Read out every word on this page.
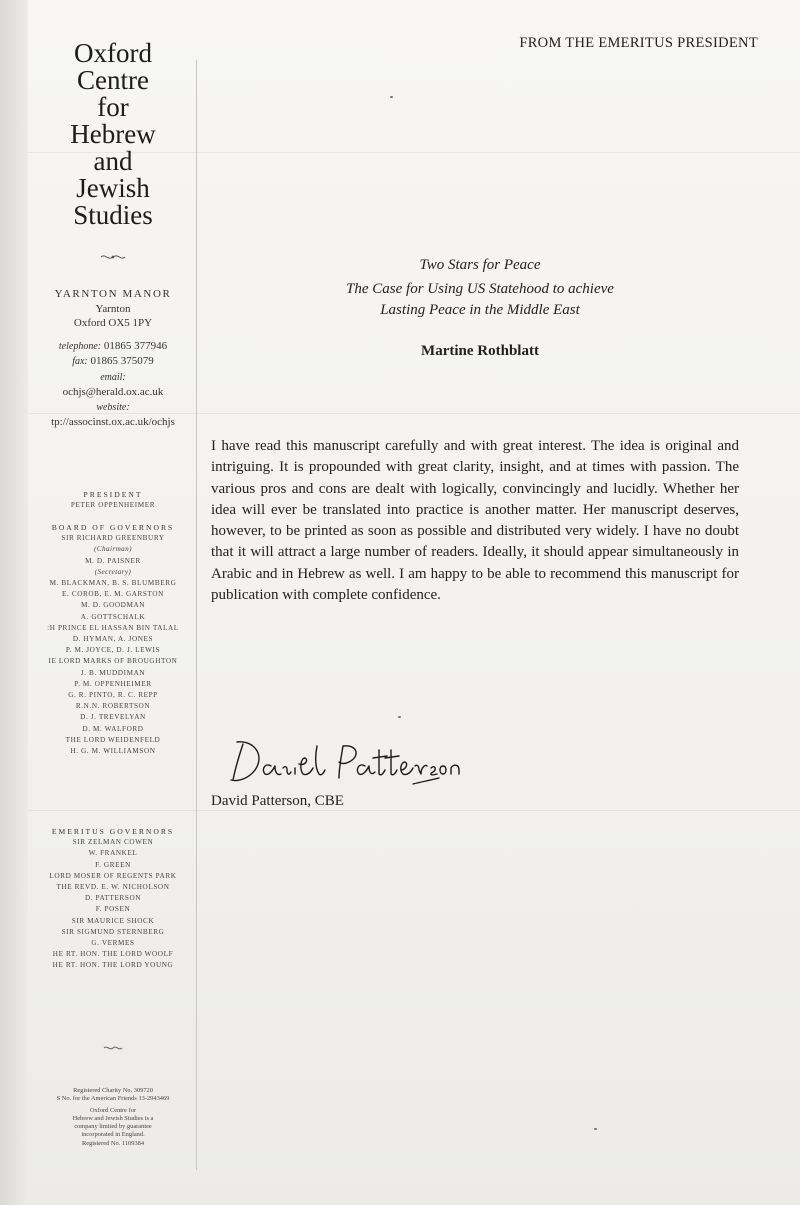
Oxford
Centre
for
Hebrew
and
Jewish
Studies
YARNTON MANOR
Yarnton
Oxford OX5 1PY
telephone: 01865 377946
fax: 01865 375079
email:
ochjs@herald.ox.ac.uk
website:
tp://associnst.ox.ac.uk/ochjs
PRESIDENT
PETER OPPENHEIMER
BOARD OF GOVERNORS
SIR RICHARD GREENBURY
(Chairman)
M. D. PAISNER
(Secretary)
M. BLACKMAN, B. S. BLUMBERG
E. COROB, E. M. GARSTON
M. D. GOODMAN
A. GOTTSCHALK
:H PRINCE EL HASSAN BIN TALAL
D. HYMAN, A. JONES
P. M. JOYCE, D. J. LEWIS
IE LORD MARKS OF BROUGHTON
J. B. MUDDIMAN
P. M. OPPENHEIMER
G. R. PINTO, R. C. REPP
R.N.N. ROBERTSON
D. J. TREVELYAN
D. M. WALFORD
THE LORD WEIDENFELD
H. G. M. WILLIAMSON
EMERITUS GOVERNORS
SIR ZELMAN COWEN
W. FRANKEL
F. GREEN
LORD MOSER OF REGENTS PARK
THE REVD. E. W. NICHOLSON
D. PATTERSON
F. POSEN
SIR MAURICE SHOCK
SIR SIGMUND STERNBERG
G. VERMES
HE RT. HON. THE LORD WOOLF
HE RT. HON. THE LORD YOUNG
Registered Charity No. 309720
S No. for the American Friends 13-2943469
Oxford Centre for
Hebrew and Jewish Studies is a
company limited by guarantee
incorporated in England.
Registered No. 1109384
FROM THE EMERITUS PRESIDENT
Two Stars for Peace
The Case for Using US Statehood to achieve
Lasting Peace in the Middle East
Martine Rothblatt
I have read this manuscript carefully and with great interest. The idea is original and intriguing. It is propounded with great clarity, insight, and at times with passion. The various pros and cons are dealt with logically, convincingly and lucidly. Whether her idea will ever be translated into practice is another matter. Her manuscript deserves, however, to be printed as soon as possible and distributed very widely. I have no doubt that it will attract a large number of readers. Ideally, it should appear simultaneously in Arabic and in Hebrew as well. I am happy to be able to recommend this manuscript for publication with complete confidence.
David Patterson, CBE
